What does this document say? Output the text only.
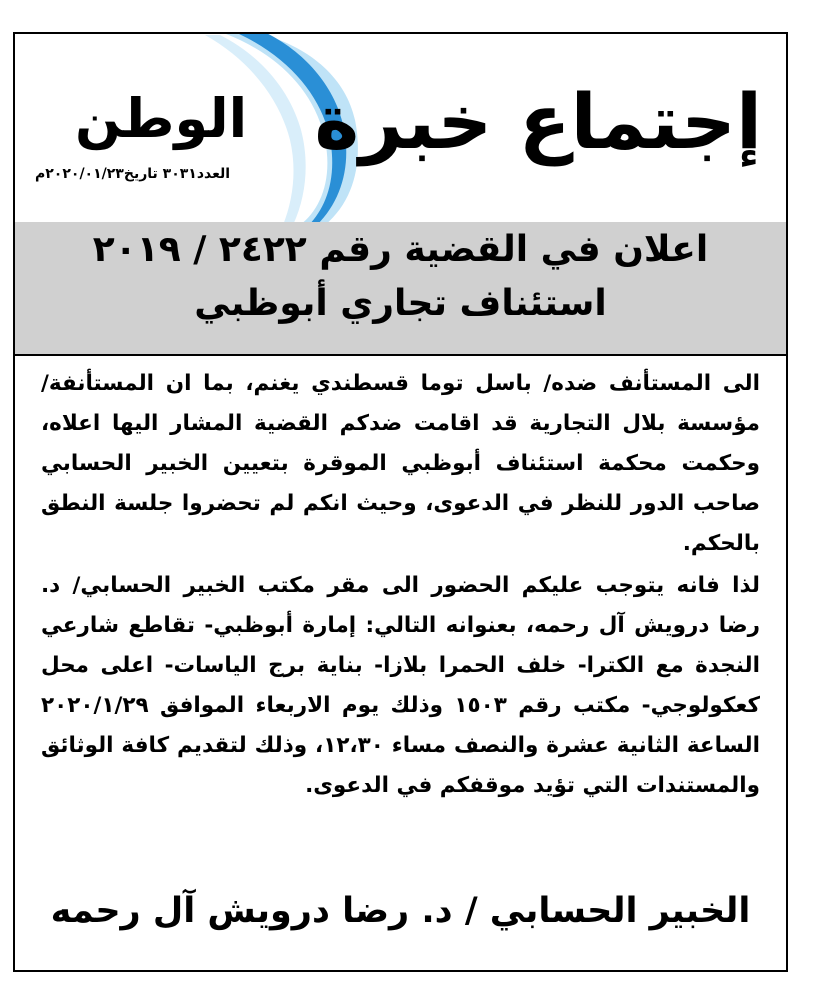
إجتماع خبرة
الوطن
العدد٣٠٣١ تاريخ٢٠٢٠/٠١/٢٣م
اعلان في القضية رقم ٢٤٢٢ / ٢٠١٩
استئناف تجاري أبوظبي

الى المستأنف ضده/ باسل توما قسطندي يغنم، بما ان المستأنفة/ مؤسسة بلال التجارية قد اقامت ضدكم القضية المشار اليها اعلاه، وحكمت محكمة استئناف أبوظبي الموقرة بتعيين الخبير الحسابي صاحب الدور للنظر في الدعوى، وحيث انكم لم تحضروا جلسة النطق بالحكم.

لذا فانه يتوجب عليكم الحضور الى مقر مكتب الخبير الحسابي/ د. رضا درويش آل رحمه، بعنوانه التالي: إمارة أبوظبي- تقاطع شارعي النجدة مع الكترا- خلف الحمرا بلازا- بناية برج الياسات- اعلى محل كعكولوجي- مكتب رقم ١٥٠٣ وذلك يوم الاربعاء الموافق ٢٠٢٠/١/٢٩ الساعة الثانية عشرة والنصف مساء ١٢،٣٠، وذلك لتقديم كافة الوثائق والمستندات التي تؤيد موقفكم في الدعوى.

الخبير الحسابي / د. رضا درويش آل رحمه
